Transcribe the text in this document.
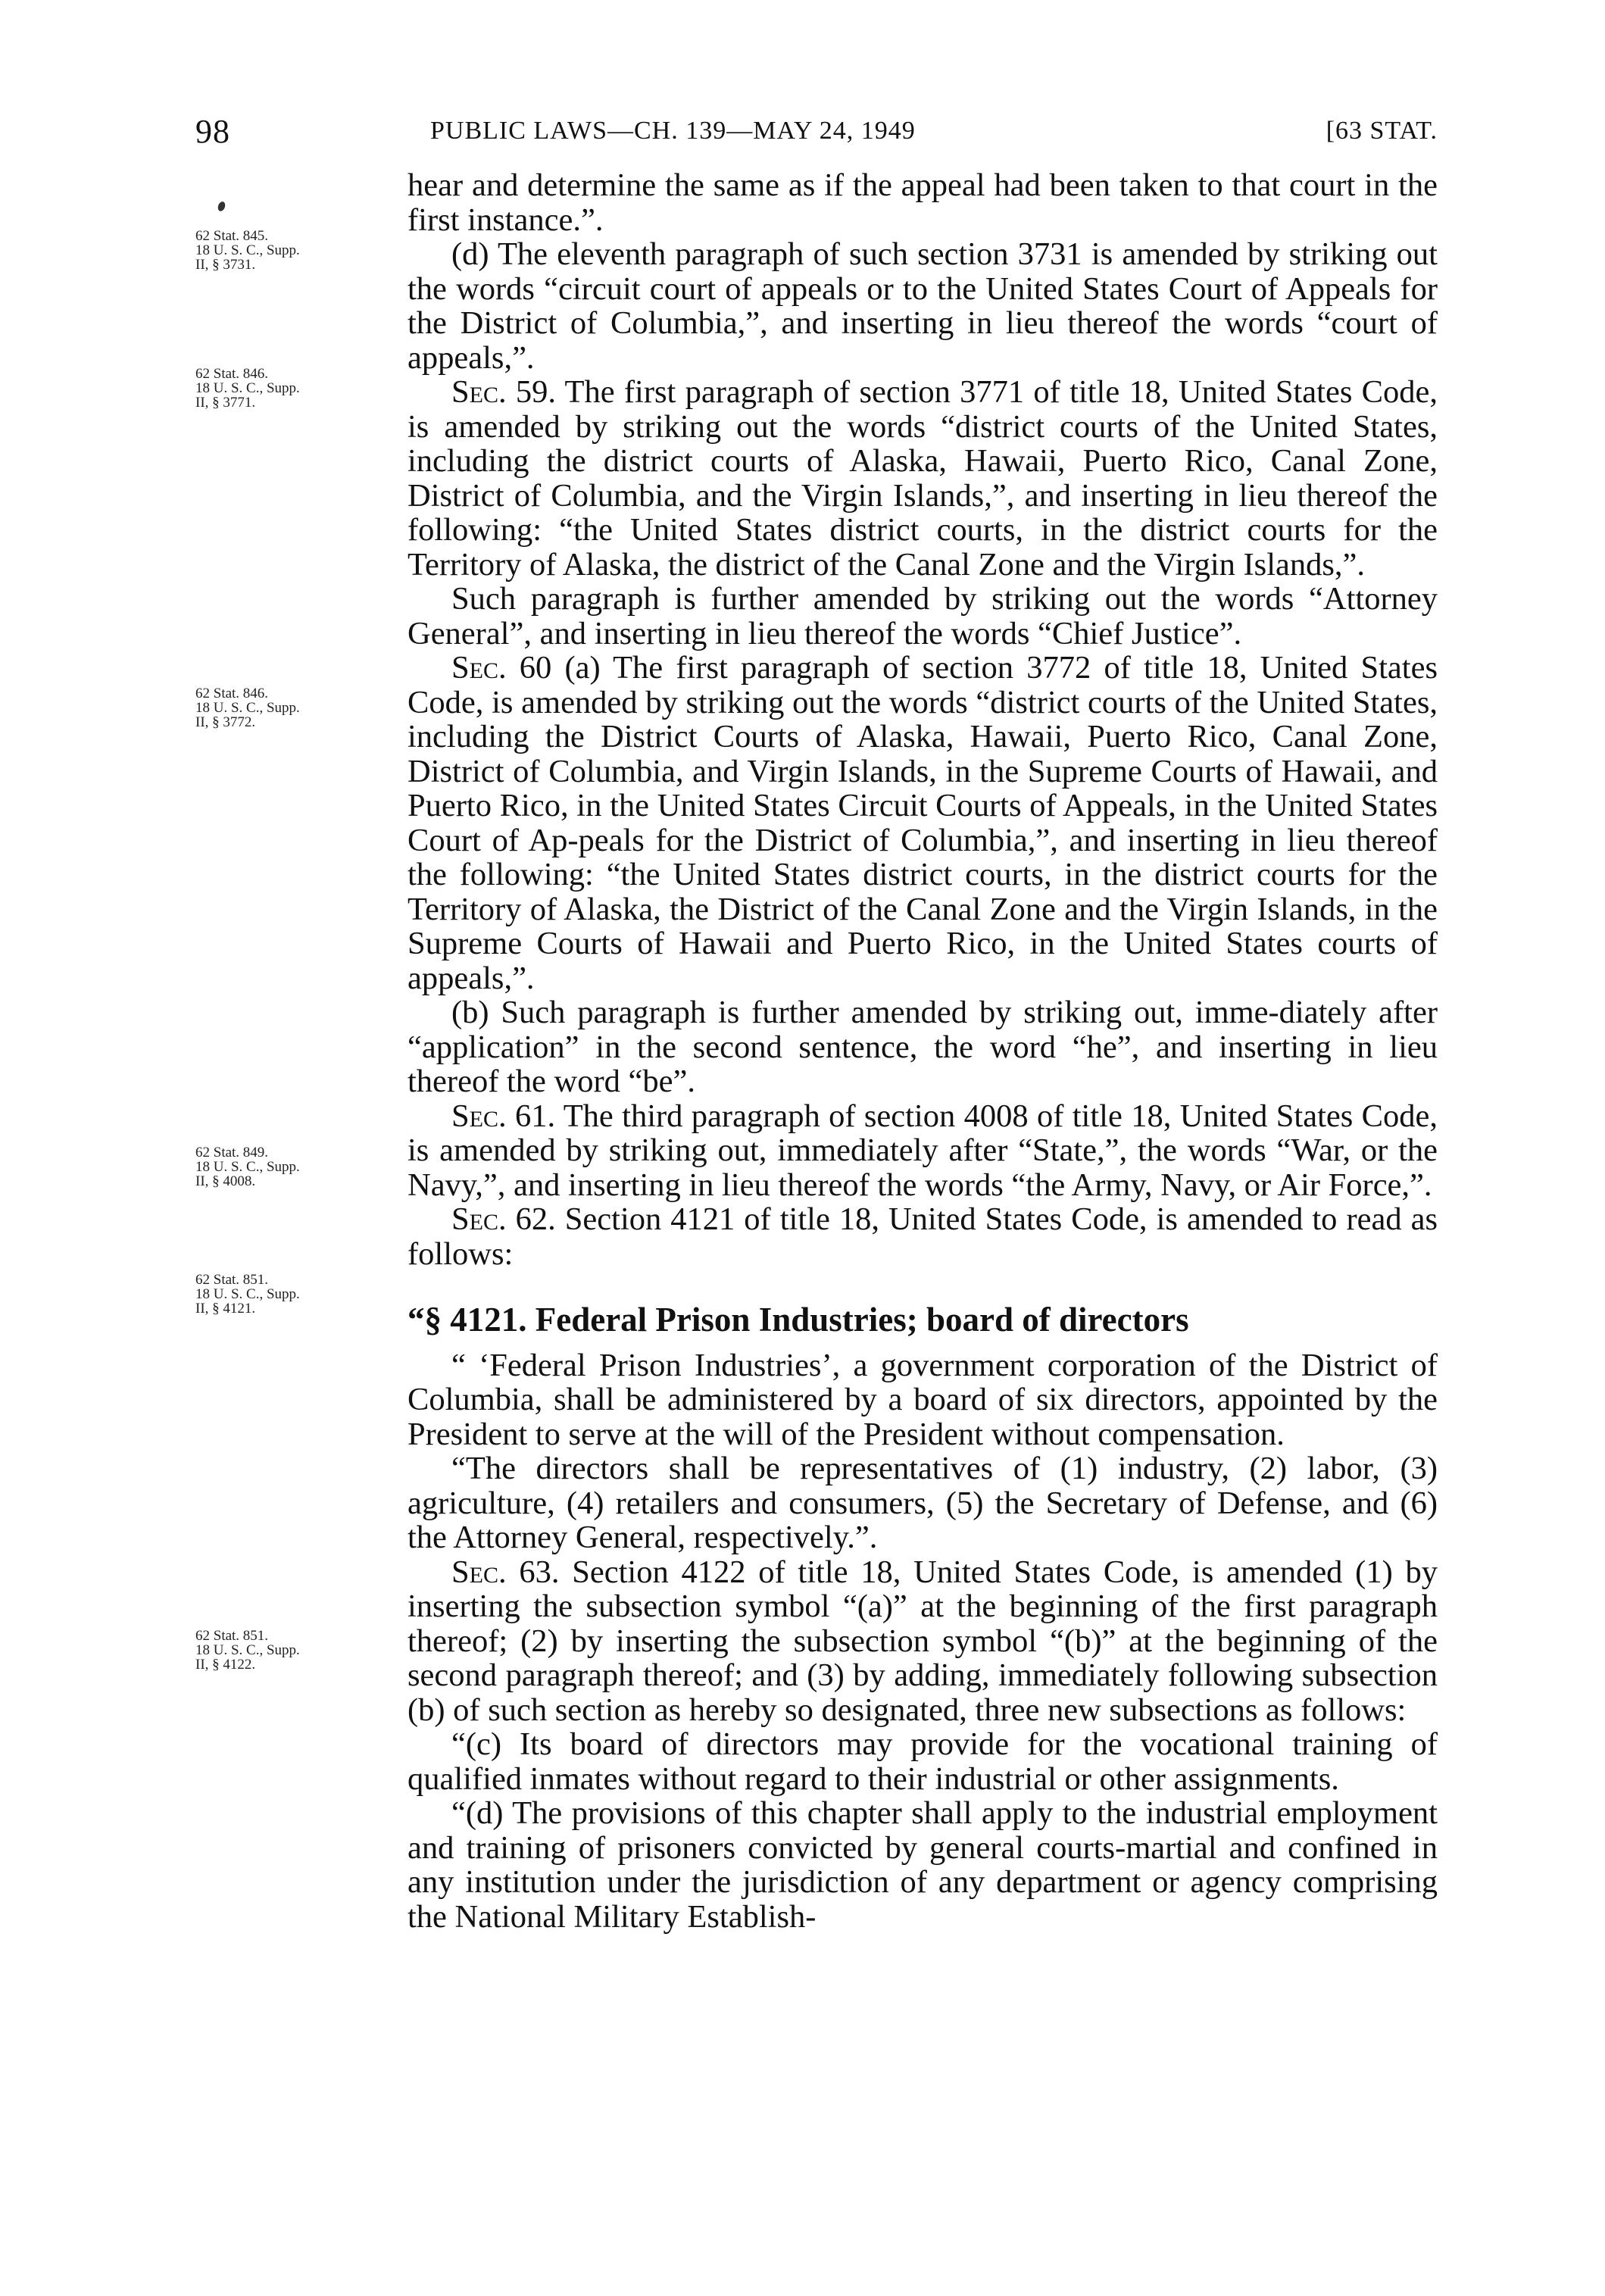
98	PUBLIC LAWS—CH. 139—MAY 24, 1949	[63 STAT.
62 Stat. 845.
18 U. S. C., Supp.
II, § 3731.
62 Stat. 846.
18 U. S. C., Supp.
II, § 3771.
62 Stat. 846.
18 U. S. C., Supp.
II, § 3772.
62 Stat. 849.
18 U. S. C., Supp.
II, § 4008.
62 Stat. 851.
18 U. S. C., Supp.
II, § 4121.
62 Stat. 851.
18 U. S. C., Supp.
II, § 4122.

hear and determine the same as if the appeal had been taken to that court in the first instance.”.

(d) The eleventh paragraph of such section 3731 is amended by striking out the words “circuit court of appeals or to the United States Court of Appeals for the District of Columbia,”, and inserting in lieu thereof the words “court of appeals,”.

Sec. 59. The first paragraph of section 3771 of title 18, United States Code, is amended by striking out the words “district courts of the United States, including the district courts of Alaska, Hawaii, Puerto Rico, Canal Zone, District of Columbia, and the Virgin Islands,”, and inserting in lieu thereof the following: “the United States district courts, in the district courts for the Territory of Alaska, the district of the Canal Zone and the Virgin Islands,”.

Such paragraph is further amended by striking out the words “Attorney General”, and inserting in lieu thereof the words “Chief Justice”.

Sec. 60 (a) The first paragraph of section 3772 of title 18, United States Code, is amended by striking out the words “district courts of the United States, including the District Courts of Alaska, Hawaii, Puerto Rico, Canal Zone, District of Columbia, and Virgin Islands, in the Supreme Courts of Hawaii, and Puerto Rico, in the United States Circuit Courts of Appeals, in the United States Court of Ap-peals for the District of Columbia,”, and inserting in lieu thereof the following: “the United States district courts, in the district courts for the Territory of Alaska, the District of the Canal Zone and the Virgin Islands, in the Supreme Courts of Hawaii and Puerto Rico, in the United States courts of appeals,”.

(b) Such paragraph is further amended by striking out, imme-diately after “application” in the second sentence, the word “he”, and inserting in lieu thereof the word “be”.

Sec. 61. The third paragraph of section 4008 of title 18, United States Code, is amended by striking out, immediately after “State,”, the words “War, or the Navy,”, and inserting in lieu thereof the words “the Army, Navy, or Air Force,”.

Sec. 62. Section 4121 of title 18, United States Code, is amended to read as follows:

“§ 4121. Federal Prison Industries; board of directors

“ ‘Federal Prison Industries’, a government corporation of the District of Columbia, shall be administered by a board of six directors, appointed by the President to serve at the will of the President without compensation.

“The directors shall be representatives of (1) industry, (2) labor, (3) agriculture, (4) retailers and consumers, (5) the Secretary of Defense, and (6) the Attorney General, respectively.”.

Sec. 63. Section 4122 of title 18, United States Code, is amended (1) by inserting the subsection symbol “(a)” at the beginning of the first paragraph thereof; (2) by inserting the subsection symbol “(b)” at the beginning of the second paragraph thereof; and (3) by adding, immediately following subsection (b) of such section as hereby so designated, three new subsections as follows:

“(c) Its board of directors may provide for the vocational training of qualified inmates without regard to their industrial or other assignments.

“(d) The provisions of this chapter shall apply to the industrial employment and training of prisoners convicted by general courts-martial and confined in any institution under the jurisdiction of any department or agency comprising the National Military Establish-
